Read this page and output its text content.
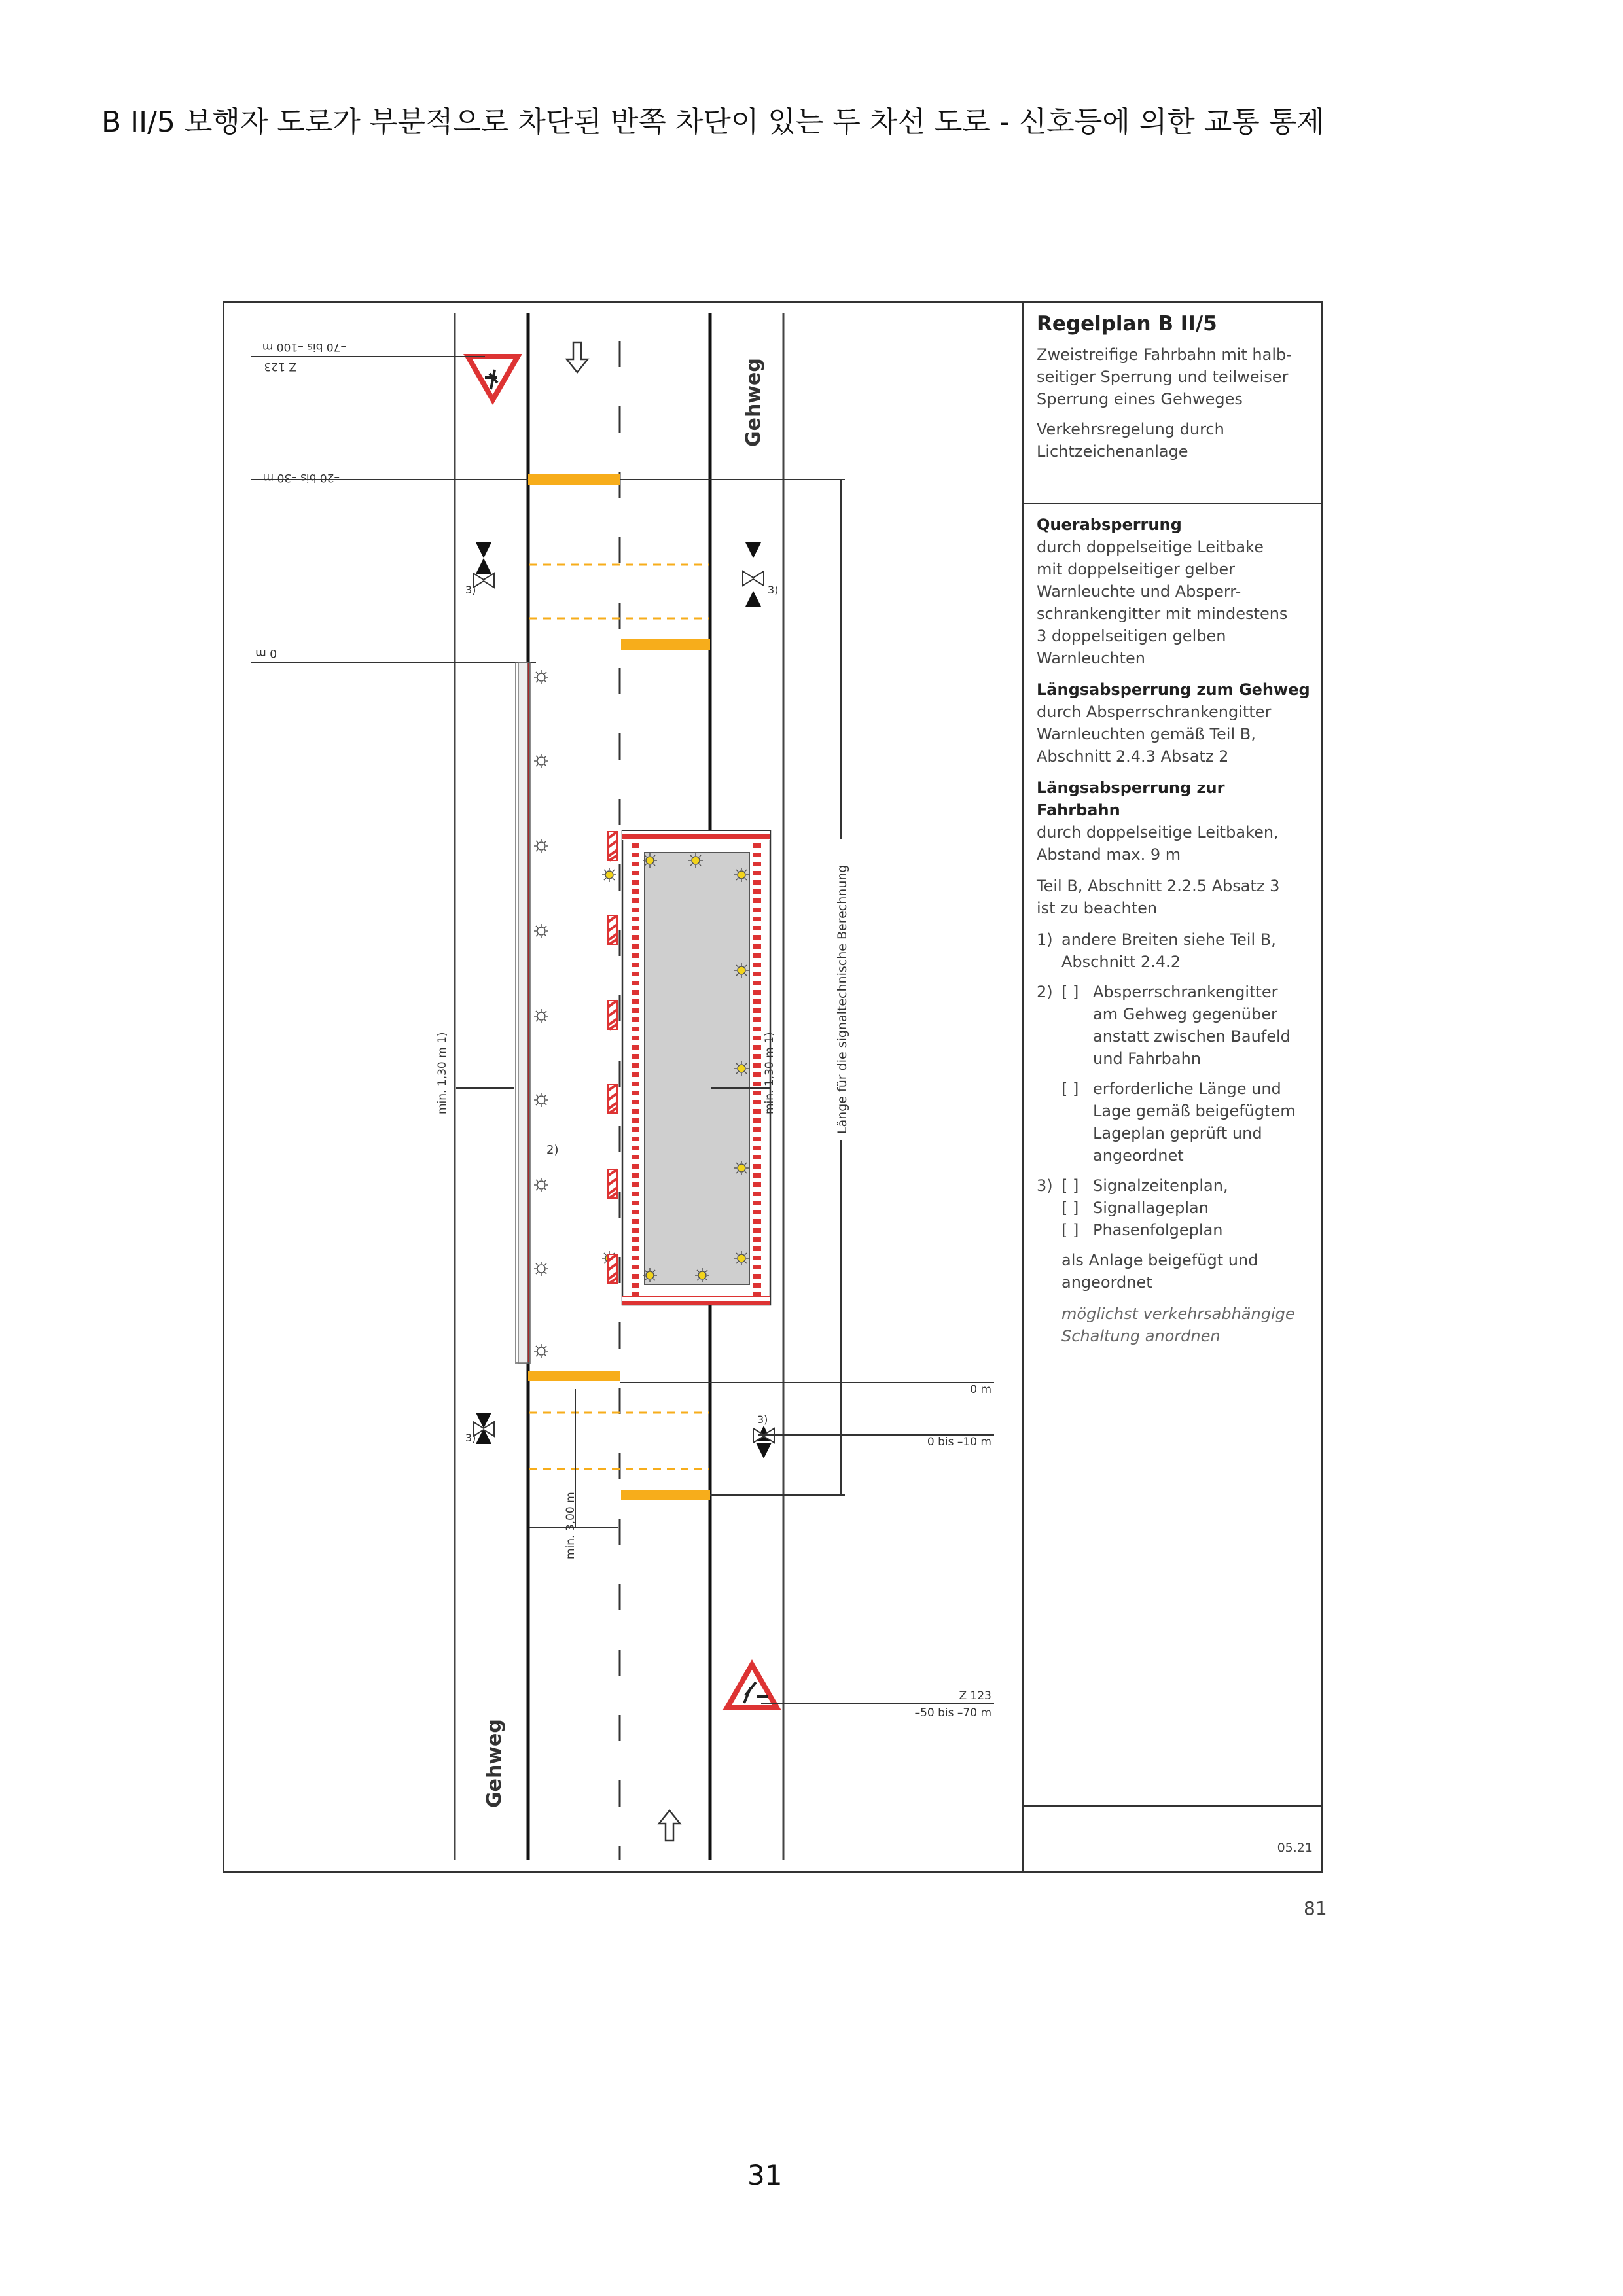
B II/5 보행자 도로가 부분적으로 차단된 반쪽 차단이 있는 두 차선 도로 - 신호등에 의한 교통 통제
–70 bis –100 m
Z 123
–20 bis –30 m
0 m
3)	3)
3)
3)
0 bis –10 m
0 m
2)
min. 1,30 m 1)	min. 1,30 m 1)
min. 3,00 m
Länge für die signaltechnische Berechnung
Gehweg
Gehweg
Z 123
–50 bis –70 m
Regelplan B II/5
Zweistreifige Fahrbahn mit halb-
seitiger Sperrung und teilweiser
Sperrung eines Gehweges
Verkehrsregelung durch
Lichtzeichenanlage
Querabsperrung
durch doppelseitige Leitbake
mit doppelseitiger gelber
Warnleuchte und Absperr-
schrankengitter mit mindestens
3 doppelseitigen gelben
Warnleuchten
Längsabsperrung zum Gehweg
durch Absperrschrankengitter
Warnleuchten gemäß Teil B,
Abschnitt 2.4.3 Absatz 2
Längsabsperrung zur Fahrbahn
durch doppelseitige Leitbaken,
Abstand max. 9 m
Teil B, Abschnitt 2.2.5 Absatz 3
ist zu beachten
1) andere Breiten siehe Teil B,
Abschnitt 2.4.2
2) [ ] Absperrschrankengitter
am Gehweg gegenüber
anstatt zwischen Baufeld
und Fahrbahn
[ ] erforderliche Länge und
Lage gemäß beigefügtem
Lageplan geprüft und
angeordnet
3) [ ] Signalzeitenplan,
[ ] Signallageplan
[ ] Phasenfolgeplan
als Anlage beigefügt und
angeordnet
möglichst verkehrsabhängige
Schaltung anordnen
05.21
81
31
